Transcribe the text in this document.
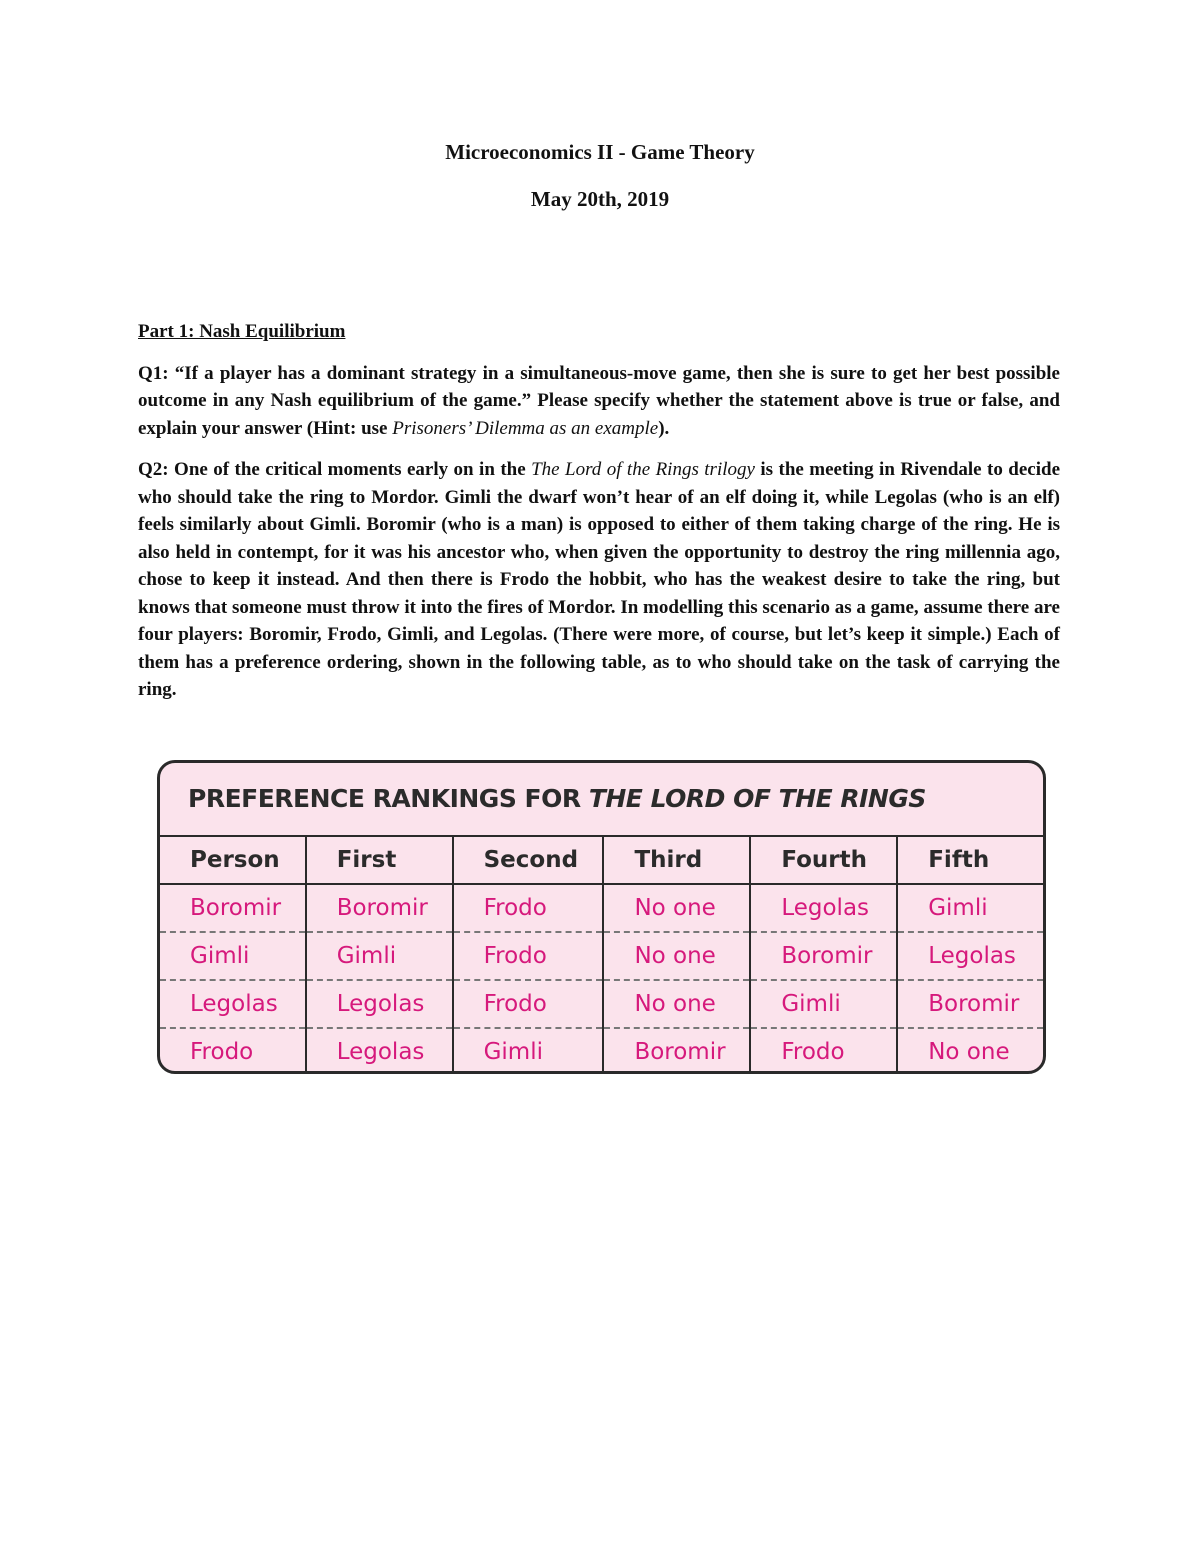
Microeconomics II - Game Theory
May 20th, 2019

Part 1: Nash Equilibrium

Q1: “If a player has a dominant strategy in a simultaneous-move game, then she is sure to get her best possible outcome in any Nash equilibrium of the game.” Please specify whether the statement above is true or false, and explain your answer (Hint: use Prisoners’ Dilemma as an example).

Q2: One of the critical moments early on in the The Lord of the Rings trilogy is the meeting in Rivendale to decide who should take the ring to Mordor. Gimli the dwarf won’t hear of an elf doing it, while Legolas (who is an elf) feels similarly about Gimli. Boromir (who is a man) is opposed to either of them taking charge of the ring. He is also held in contempt, for it was his ancestor who, when given the opportunity to destroy the ring millennia ago, chose to keep it instead. And then there is Frodo the hobbit, who has the weakest desire to take the ring, but knows that someone must throw it into the fires of Mordor. In modelling this scenario as a game, assume there are four players: Boromir, Frodo, Gimli, and Legolas. (There were more, of course, but let’s keep it simple.) Each of them has a preference ordering, shown in the following table, as to who should take on the task of carrying the ring.

PREFERENCE RANKINGS FOR THE LORD OF THE RINGS
Person	First	Second	Third	Fourth	Fifth
Boromir	Boromir	Frodo	No one	Legolas	Gimli
Gimli	Gimli	Frodo	No one	Boromir	Legolas
Legolas	Legolas	Frodo	No one	Gimli	Boromir
Frodo	Legolas	Gimli	Boromir	Frodo	No one
